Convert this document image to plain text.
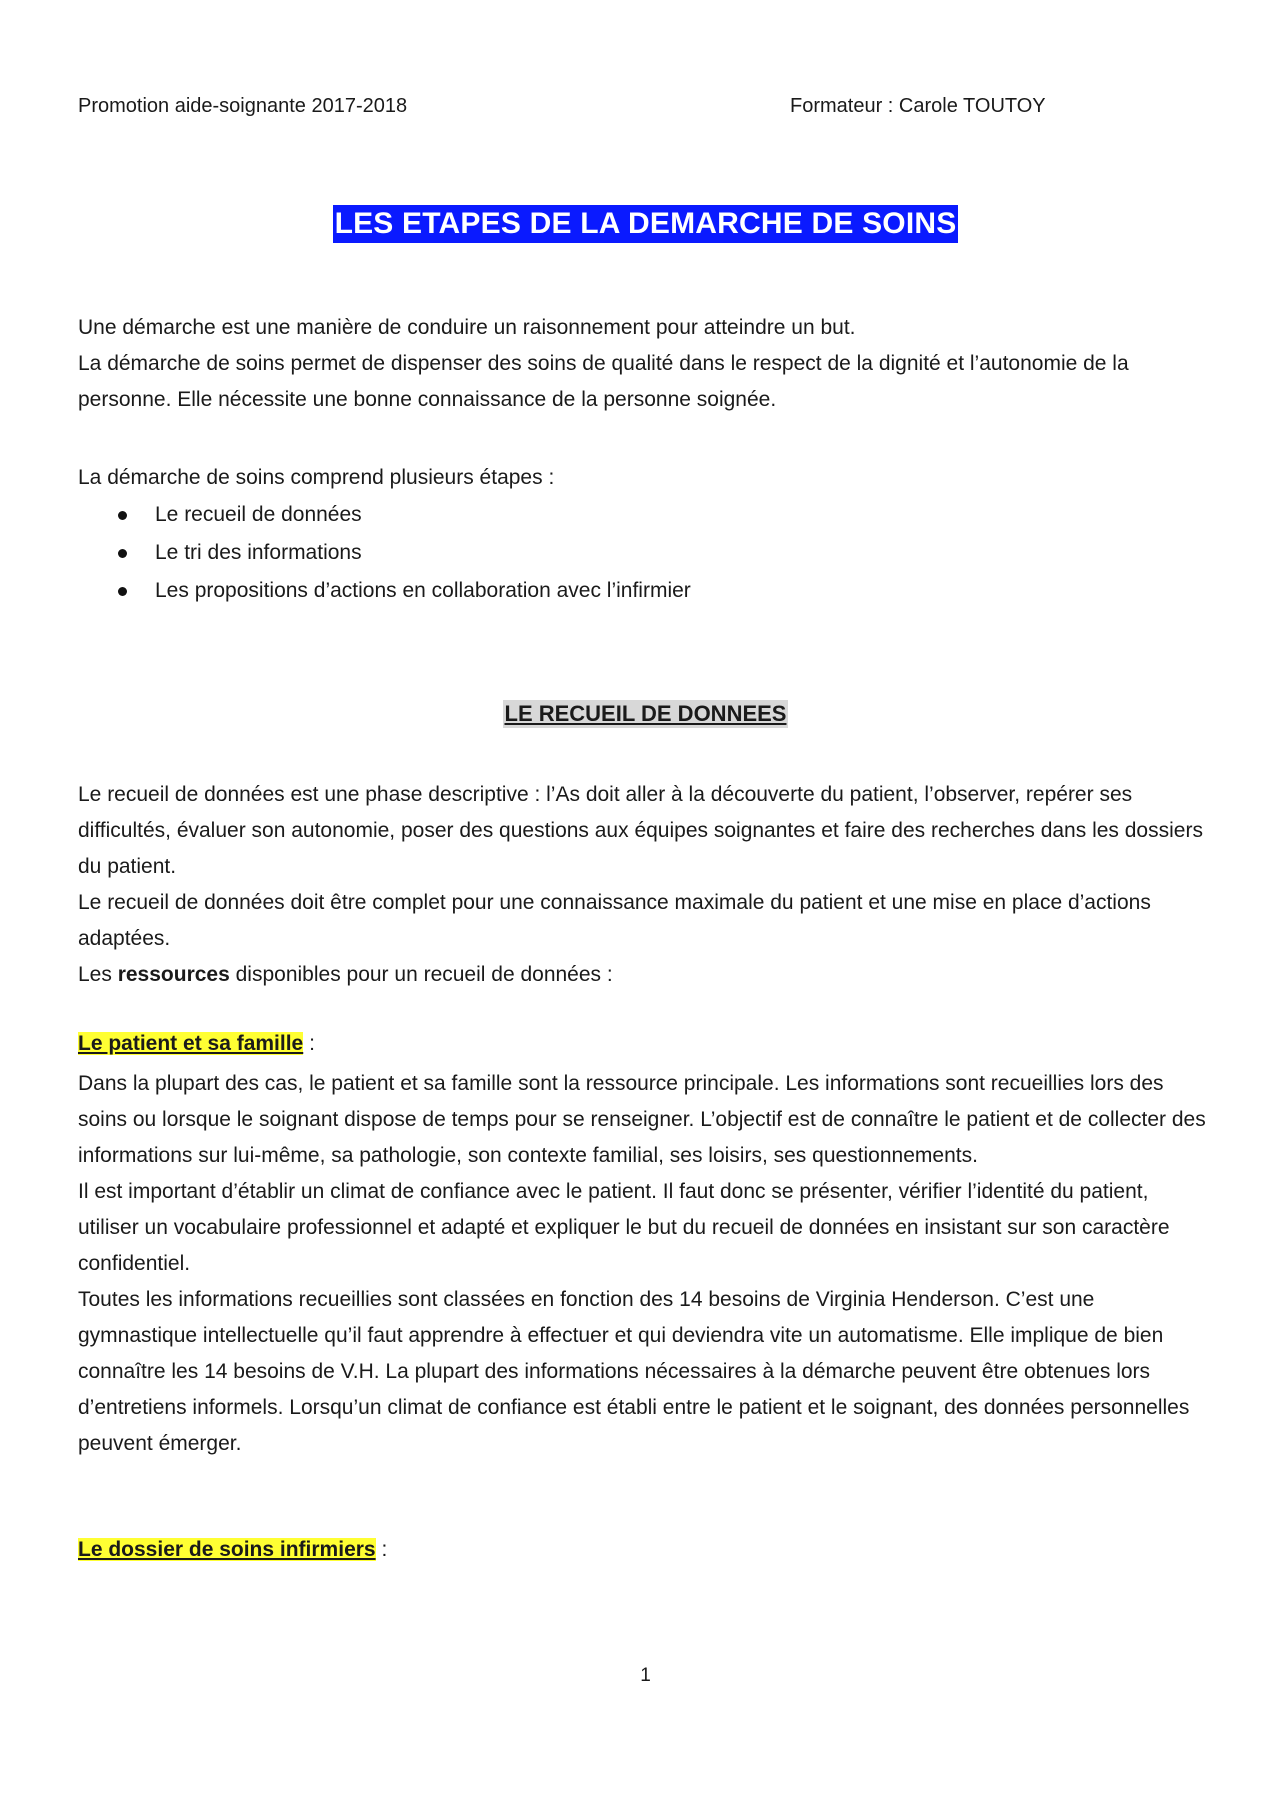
Promotion aide-soignante 2017-2018	Formateur : Carole TOUTOY
LES ETAPES DE LA DEMARCHE DE SOINS

Une démarche est une manière de conduire un raisonnement pour atteindre un but.

La démarche de soins permet de dispenser des soins de qualité dans le respect de la dignité et l’autonomie de la personne. Elle nécessite une bonne connaissance de la personne soignée.

La démarche de soins comprend plusieurs étapes :

Le recueil de données
Le tri des informations
Les propositions d’actions en collaboration avec l’infirmier
LE RECUEIL DE DONNEES

Le recueil de données est une phase descriptive : l’As doit aller à la découverte du patient, l’observer, repérer ses difficultés, évaluer son autonomie, poser des questions aux équipes soignantes et faire des recherches dans les dossiers du patient.

Le recueil de données doit être complet pour une connaissance maximale du patient et une mise en place d’actions adaptées.

Les ressources disponibles pour un recueil de données :

Le patient et sa famille :

Dans la plupart des cas, le patient et sa famille sont la ressource principale. Les informations sont recueillies lors des soins ou lorsque le soignant dispose de temps pour se renseigner. L’objectif est de connaître le patient et de collecter des informations sur lui-même, sa pathologie, son contexte familial, ses loisirs, ses questionnements.

Il est important d’établir un climat de confiance avec le patient. Il faut donc se présenter, vérifier l’identité du patient, utiliser un vocabulaire professionnel et adapté et expliquer le but du recueil de données en insistant sur son caractère confidentiel.

Toutes les informations recueillies sont classées en fonction des 14 besoins de Virginia Henderson. C’est une gymnastique intellectuelle qu’il faut apprendre à effectuer et qui deviendra vite un automatisme. Elle implique de bien connaître les 14 besoins de V.H. La plupart des informations nécessaires à la démarche peuvent être obtenues lors d’entretiens informels. Lorsqu’un climat de confiance est établi entre le patient et le soignant, des données personnelles peuvent émerger.

Le dossier de soins infirmiers :
1
